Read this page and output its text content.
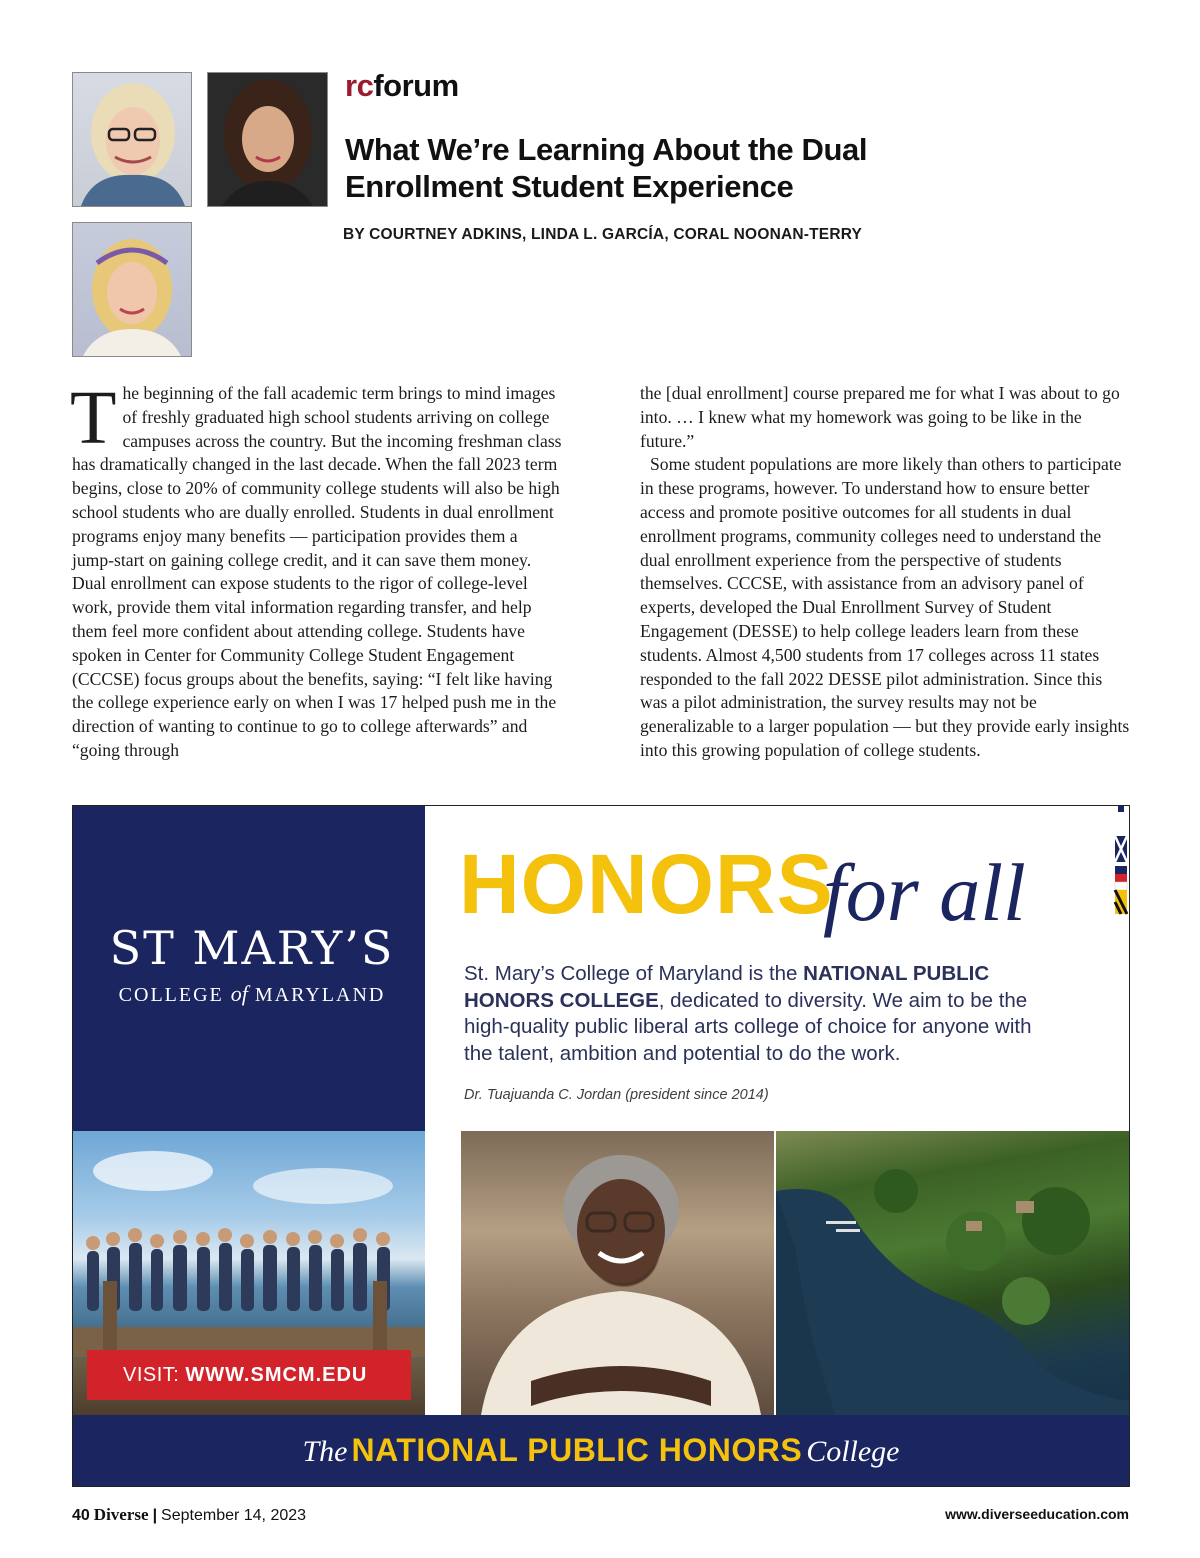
rcforum
What We’re Learning About the Dual
Enrollment Student Experience
BY COURTNEY ADKINS, LINDA L. GARCÍA, CORAL NOONAN-TERRY

The beginning of the fall academic term brings to mind images of freshly graduated high school students arriving on college campuses across the country. But the incoming freshman class has dramatically changed in the last decade. When the fall 2023 term begins, close to 20% of community college students will also be high school students who are dually enrolled. Students in dual enrollment programs enjoy many benefits — participation provides them a jump-start on gaining college credit, and it can save them money. Dual enrollment can expose students to the rigor of college-level work, provide them vital information regarding transfer, and help them feel more confident about attending college. Students have spoken in Center for Community College Student Engagement (CCCSE) focus groups about the benefits, saying: “I felt like having the college experience early on when I was 17 helped push me in the direction of wanting to continue to go to college afterwards” and “going through

the [dual enrollment] course prepared me for what I was about to go into. … I knew what my homework was going to be like in the future.”

Some student populations are more likely than others to participate in these programs, however. To understand how to ensure better access and promote positive outcomes for all students in dual enrollment programs, community colleges need to understand the dual enrollment experience from the perspective of students themselves. CCCSE, with assistance from an advisory panel of experts, developed the Dual Enrollment Survey of Student Engagement (DESSE) to help college leaders learn from these students. Almost 4,500 students from 17 colleges across 11 states responded to the fall 2022 DESSE pilot administration. Since this was a pilot administration, the survey results may not be generalizable to a larger population — but they provide early insights into this growing population of college students.

ST MARY’S
COLLEGE of MARYLAND
HONORS
for all
St. Mary’s College of Maryland is the NATIONAL PUBLIC HONORS COLLEGE, dedicated to diversity. We aim to be the high-quality public liberal arts college of choice for anyone with the talent, ambition and potential to do the work.
Dr. Tuajuanda C. Jordan (president since 2014)
VISIT: WWW.SMCM.EDU
The NATIONAL PUBLIC HONORS College
40 Diverse | September 14, 2023	www.diverseeducation.com
